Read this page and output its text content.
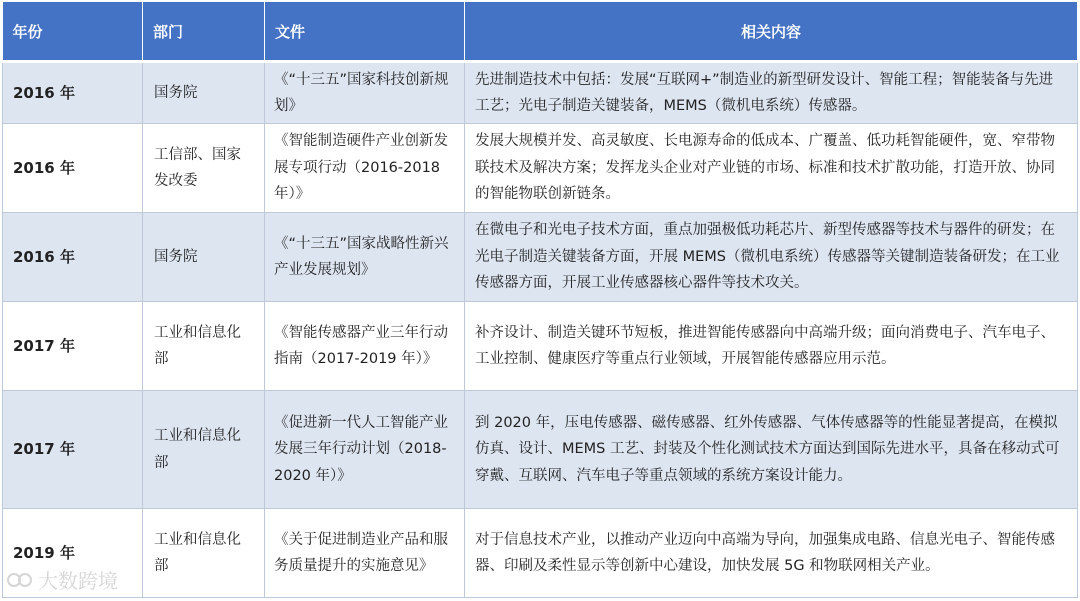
年份	部门	文件	相关内容
2016 年	国务院	《“十三五”国家科技创新规划》	先进制造技术中包括：发展“互联网+”制造业的新型研发设计、智能工程；智能装备与先进工艺；光电子制造关键装备，MEMS（微机电系统）传感器。
2016 年	工信部、国家发改委	《智能制造硬件产业创新发展专项行动（2016-2018 年）》	发展大规模并发、高灵敏度、长电源寿命的低成本、广覆盖、低功耗智能硬件，宽、窄带物联技术及解决方案；发挥龙头企业对产业链的市场、标准和技术扩散功能，打造开放、协同的智能物联创新链条。
2016 年	国务院	《“十三五”国家战略性新兴产业发展规划》	在微电子和光电子技术方面，重点加强极低功耗芯片、新型传感器等技术与器件的研发；在光电子制造关键装备方面，开展 MEMS（微机电系统）传感器等关键制造装备研发；在工业传感器方面，开展工业传感器核心器件等技术攻关。
2017 年	工业和信息化部	《智能传感器产业三年行动指南（2017-2019 年）》	补齐设计、制造关键环节短板，推进智能传感器向中高端升级；面向消费电子、汽车电子、工业控制、健康医疗等重点行业领域，开展智能传感器应用示范。
2017 年	工业和信息化部	《促进新一代人工智能产业发展三年行动计划（2018-2020 年）》	到 2020 年，压电传感器、磁传感器、红外传感器、气体传感器等的性能显著提高，在模拟仿真、设计、MEMS 工艺、封装及个性化测试技术方面达到国际先进水平，具备在移动式可穿戴、互联网、汽车电子等重点领域的系统方案设计能力。
2019 年	工业和信息化部	《关于促进制造业产品和服务质量提升的实施意见》	对于信息技术产业，以推动产业迈向中高端为导向，加强集成电路、信息光电子、智能传感器、印刷及柔性显示等创新中心建设，加快发展 5G 和物联网相关产业。
大数跨境
